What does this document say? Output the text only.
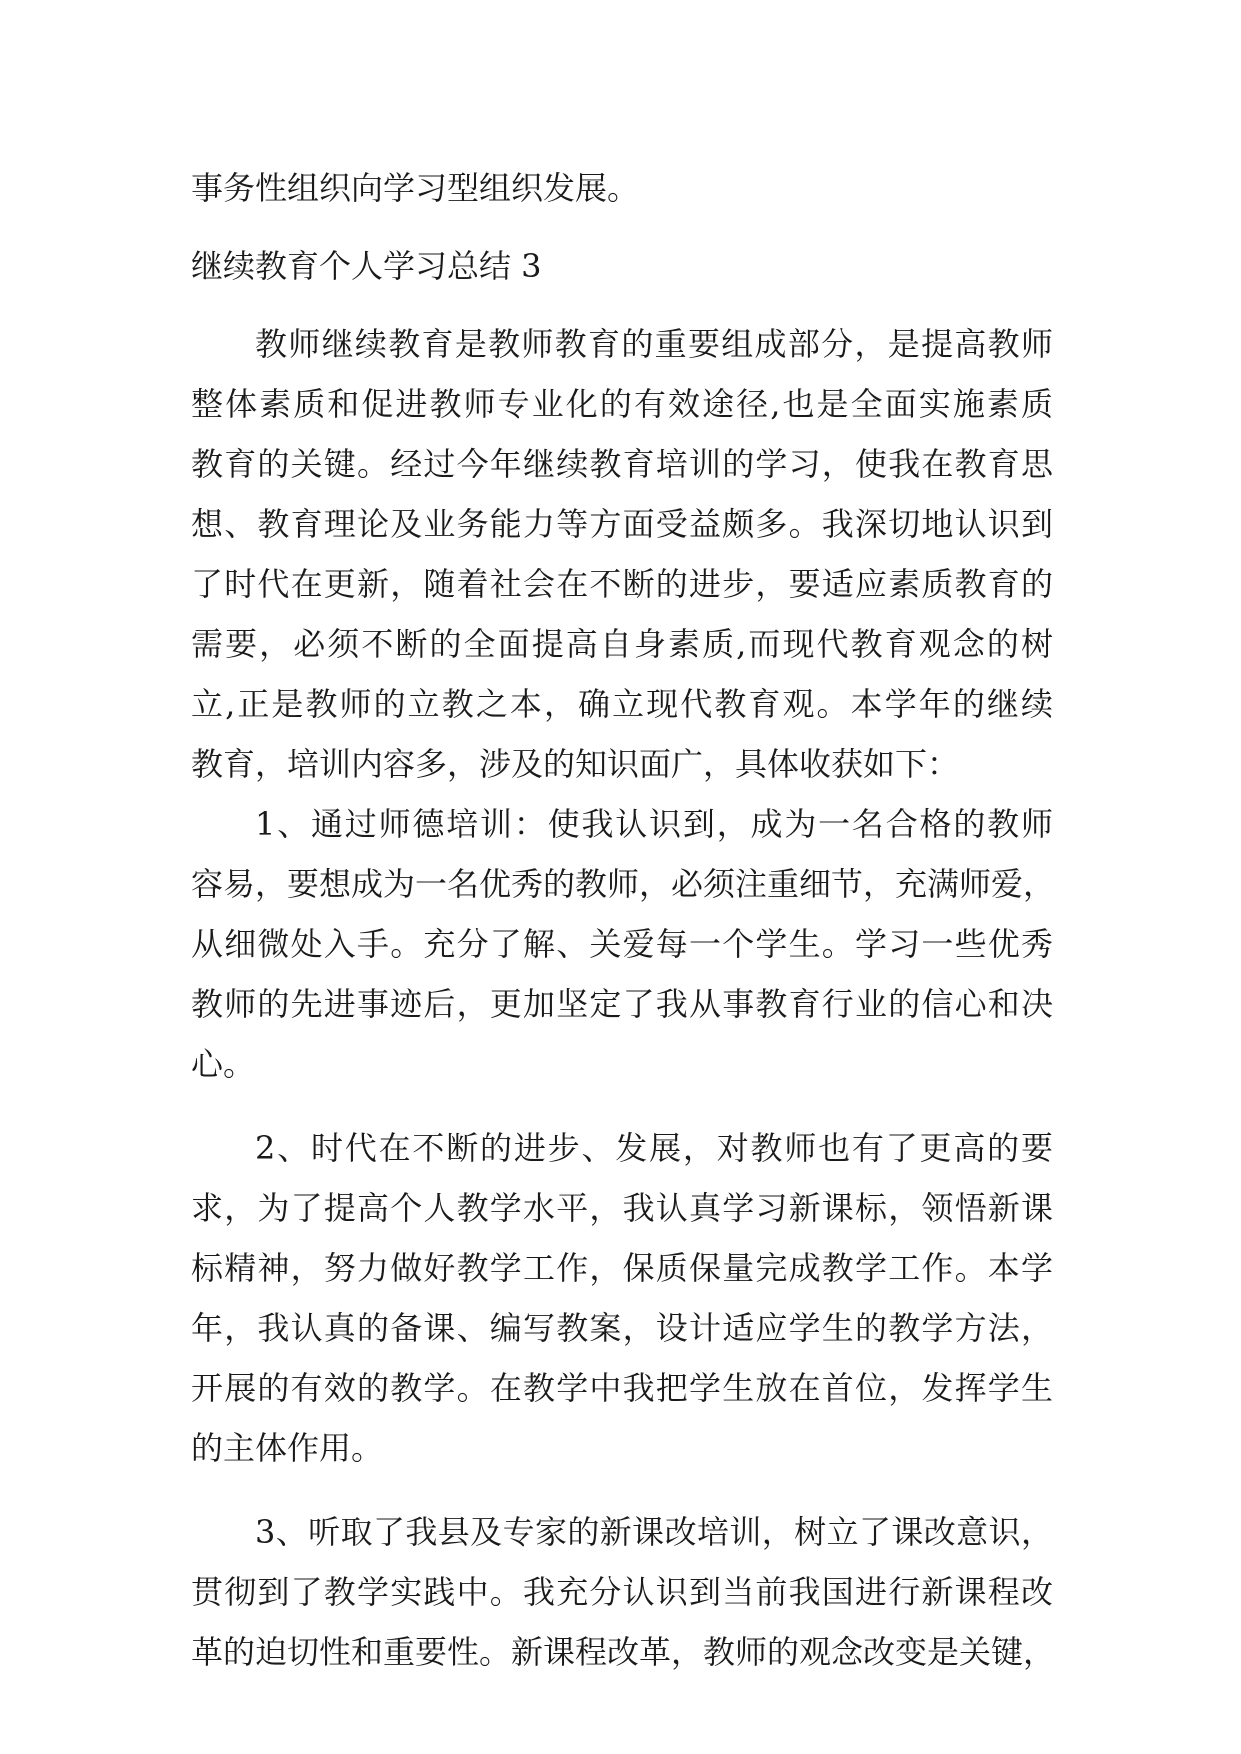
事务性组织向学习型组织发展。
继续教育个人学习总结 3
教师继续教育是教师教育的重要组成部分，是提高教师
整体素质和促进教师专业化的有效途径,也是全面实施素质
教育的关键。经过今年继续教育培训的学习，使我在教育思
想、教育理论及业务能力等方面受益颇多。我深切地认识到
了时代在更新，随着社会在不断的进步，要适应素质教育的
需要，必须不断的全面提高自身素质,而现代教育观念的树
立,正是教师的立教之本，确立现代教育观。本学年的继续
教育，培训内容多，涉及的知识面广，具体收获如下：
1、通过师德培训：使我认识到，成为一名合格的教师
容易，要想成为一名优秀的教师，必须注重细节，充满师爱，
从细微处入手。充分了解、关爱每一个学生。学习一些优秀
教师的先进事迹后，更加坚定了我从事教育行业的信心和决
心。
2、时代在不断的进步、发展，对教师也有了更高的要
求，为了提高个人教学水平，我认真学习新课标，领悟新课
标精神，努力做好教学工作，保质保量完成教学工作。本学
年，我认真的备课、编写教案，设计适应学生的教学方法，
开展的有效的教学。在教学中我把学生放在首位，发挥学生
的主体作用。
3、听取了我县及专家的新课改培训，树立了课改意识，
贯彻到了教学实践中。我充分认识到当前我国进行新课程改
革的迫切性和重要性。新课程改革，教师的观念改变是关键，
